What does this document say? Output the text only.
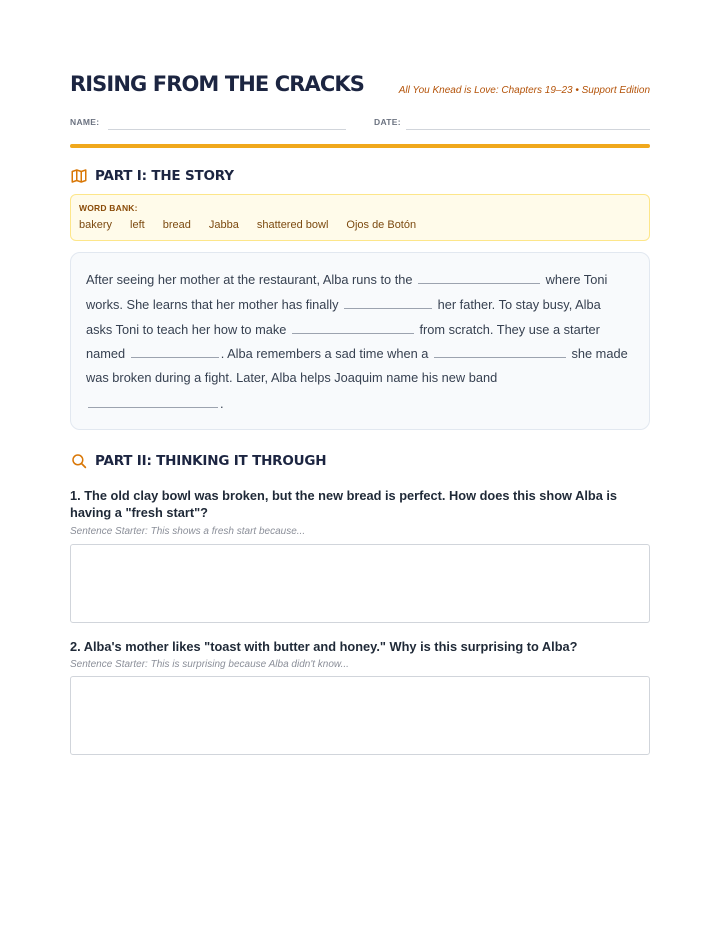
RISING FROM THE CRACKS	All You Knead is Love: Chapters 19–23 • Support Edition
NAME:	DATE:
PART I: THE STORY
WORD BANK:
bakery left bread Jabba shattered bowl Ojos de Botón
After seeing her mother at the restaurant, Alba runs to the	where Toni
works. She learns that her mother has finally	her father. To stay busy, Alba
asks Toni to teach her how to make	from scratch. They use a starter
named	. Alba remembers a sad time when a	she made
was broken during a fight. Later, Alba helps Joaquim name his new band
.
PART II: THINKING IT THROUGH
1. The old clay bowl was broken, but the new bread is perfect. How does this show Alba is having a "fresh start"?
Sentence Starter: This shows a fresh start because...
2. Alba's mother likes "toast with butter and honey." Why is this surprising to Alba?
Sentence Starter: This is surprising because Alba didn't know...
